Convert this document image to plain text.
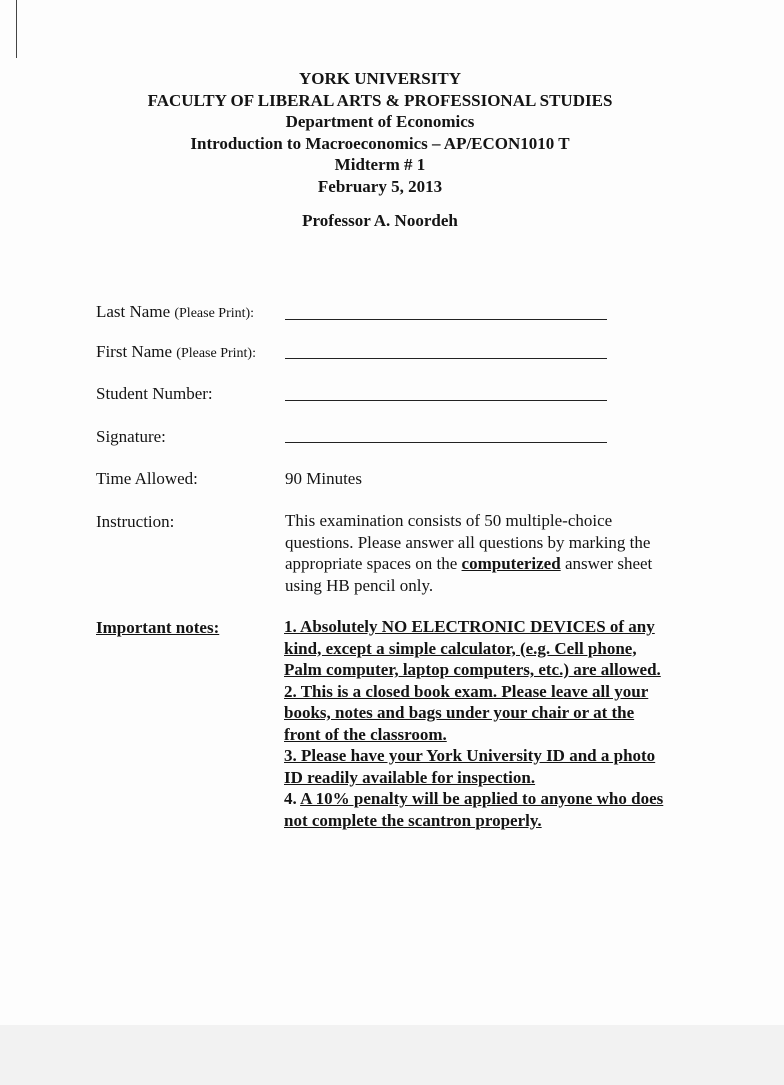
YORK UNIVERSITY
FACULTY OF LIBERAL ARTS & PROFESSIONAL STUDIES
Department of Economics
Introduction to Macroeconomics – AP/ECON1010 T
Midterm # 1
February 5, 2013
Professor A. Noordeh
Last Name (Please Print):
First Name (Please Print):
Student Number:
Signature:
Time Allowed:	90 Minutes
Instruction:	This examination consists of 50 multiple-choice questions. Please answer all questions by marking the appropriate spaces on the computerized answer sheet using HB pencil only.
Important notes:	1. Absolutely NO ELECTRONIC DEVICES of any kind, except a simple calculator, (e.g. Cell phone, Palm computer, laptop computers, etc.) are allowed.
2. This is a closed book exam. Please leave all your books, notes and bags under your chair or at the front of the classroom.
3. Please have your York University ID and a photo ID readily available for inspection.
4. A 10% penalty will be applied to anyone who does not complete the scantron properly.
